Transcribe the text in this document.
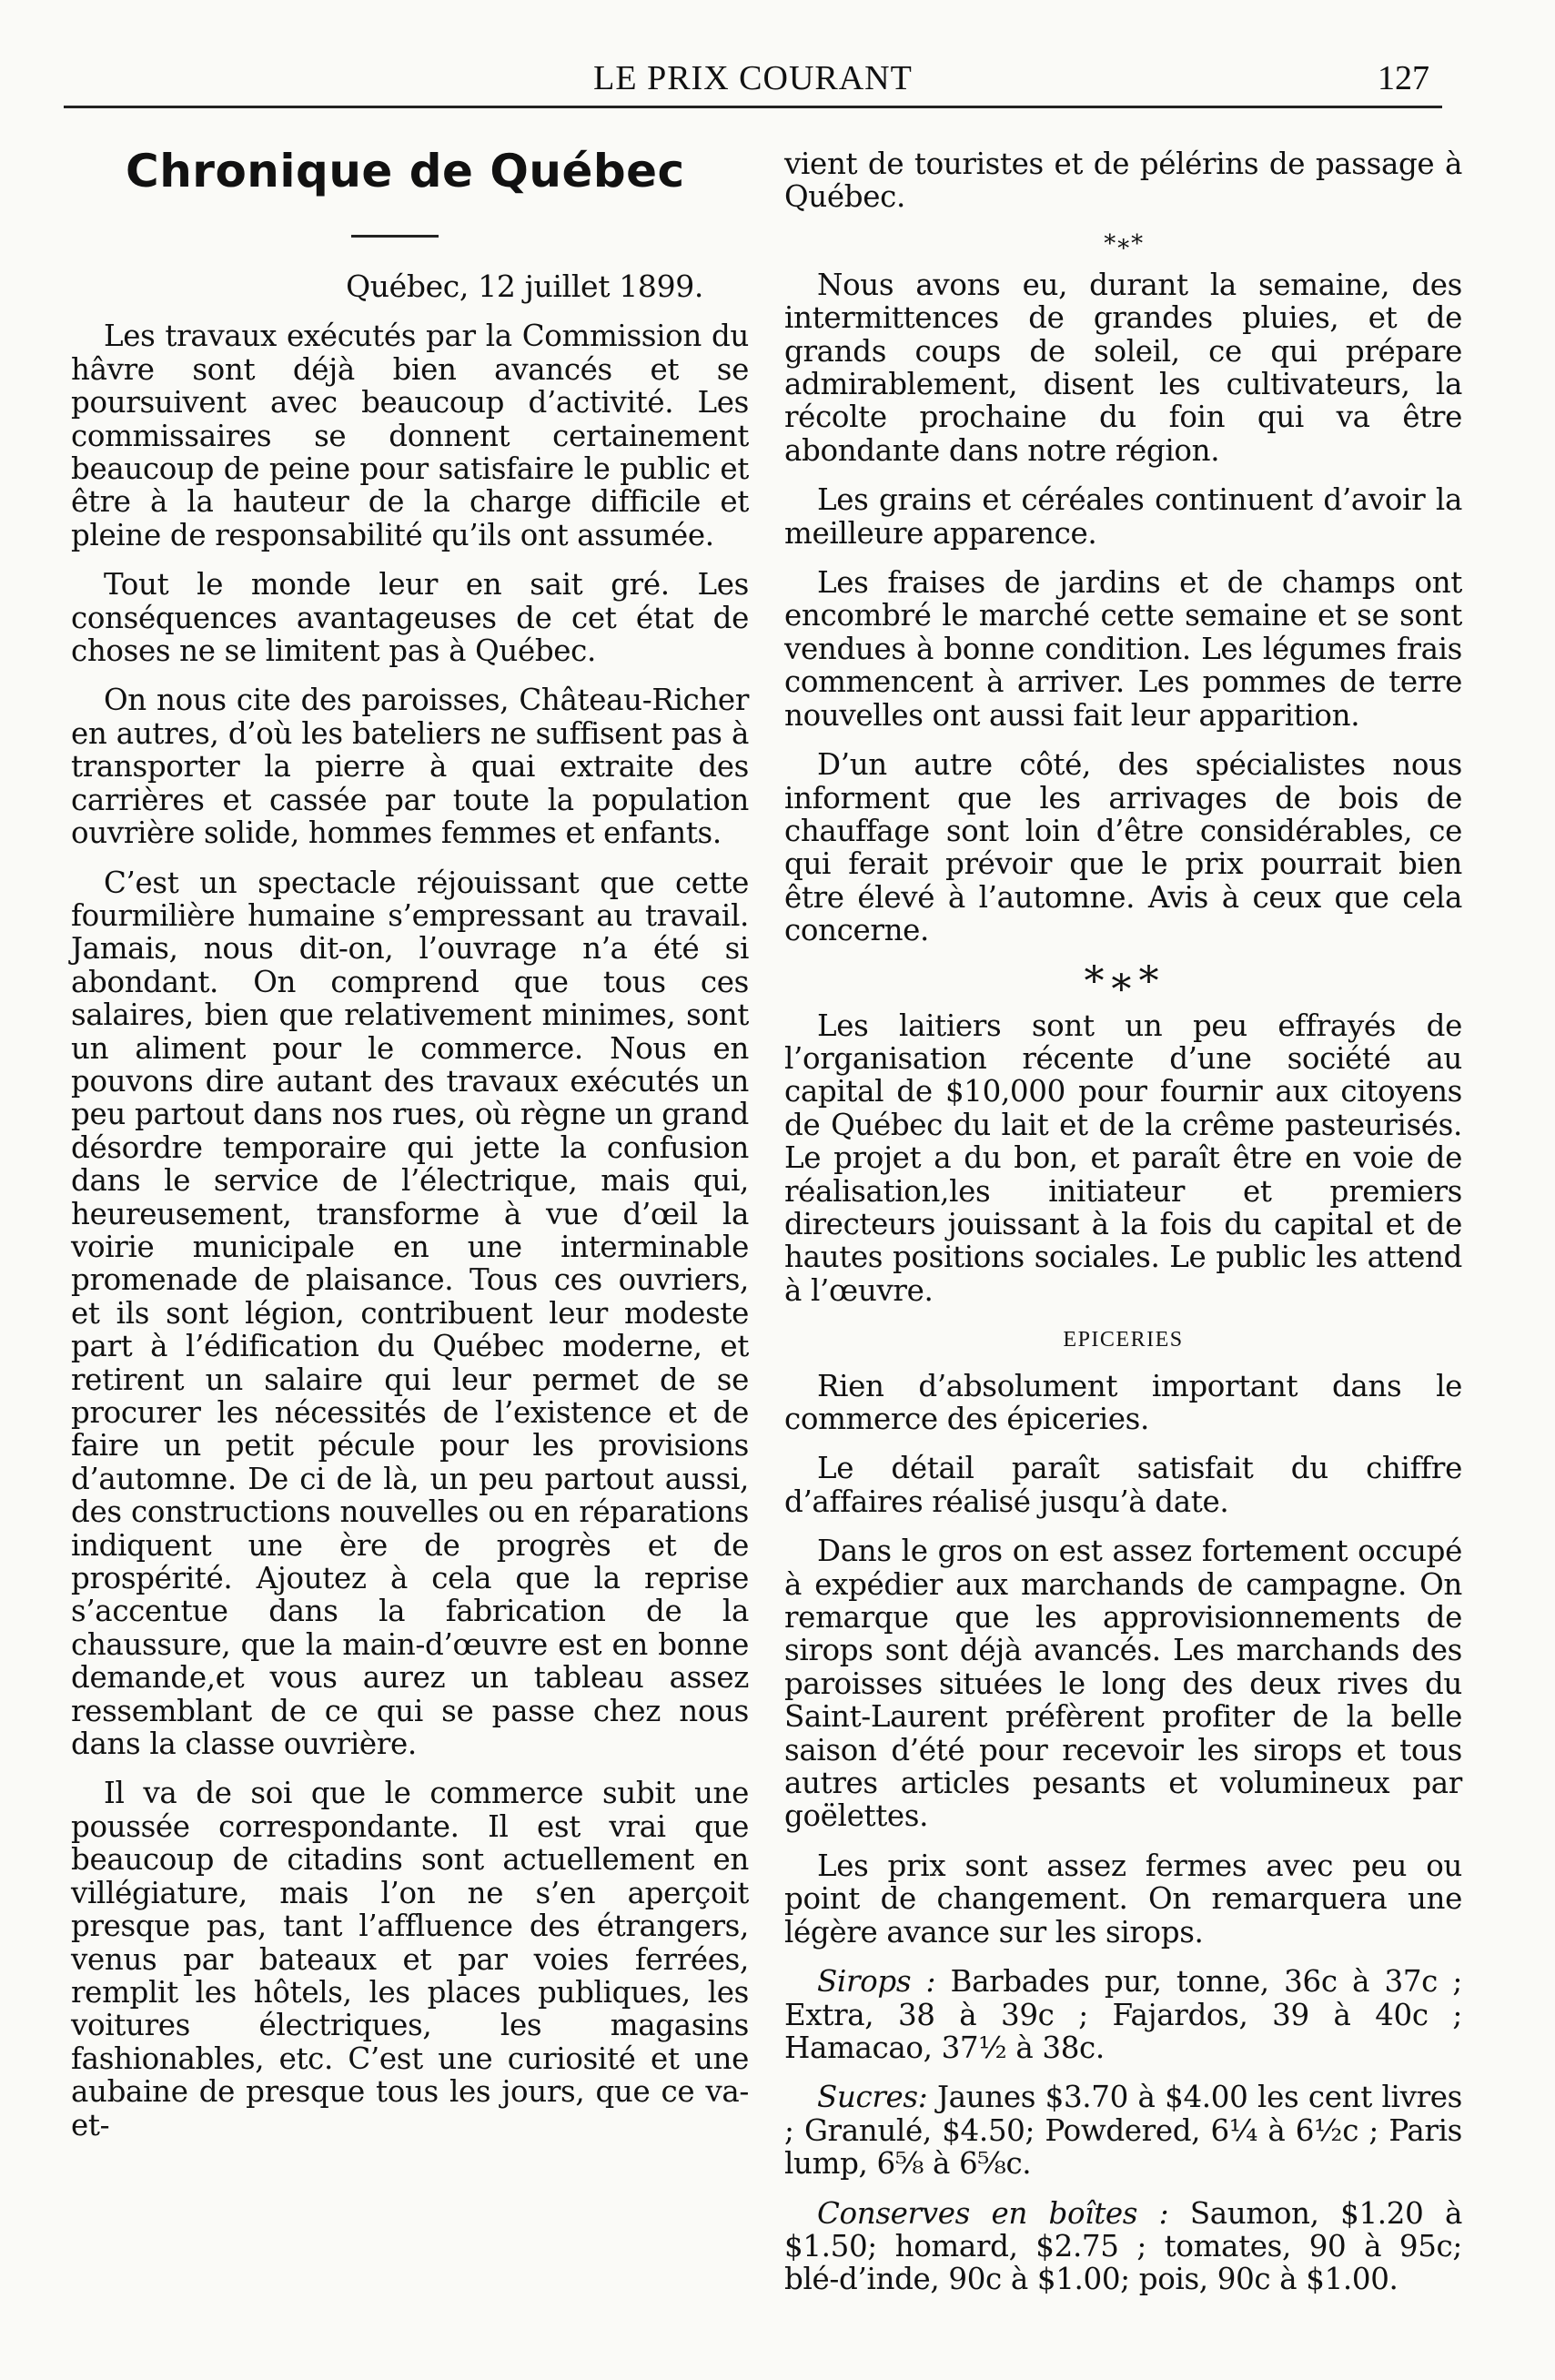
LE PRIX COURANT	127
Chronique de Québec
Québec, 12 juillet 1899.

Les travaux exécutés par la Commission du hâvre sont déjà bien avancés et se poursuivent avec beaucoup d’activité. Les commissaires se donnent certainement beaucoup de peine pour satisfaire le public et être à la hauteur de la charge difficile et pleine de responsabilité qu’ils ont assumée.

Tout le monde leur en sait gré. Les conséquences avantageuses de cet état de choses ne se limitent pas à Québec.

On nous cite des paroisses, Château-Richer en autres, d’où les bateliers ne suffisent pas à transporter la pierre à quai extraite des carrières et cassée par toute la population ouvrière solide, hommes femmes et enfants.

C’est un spectacle réjouissant que cette fourmilière humaine s’empressant au travail. Jamais, nous dit-on, l’ouvrage n’a été si abondant. On comprend que tous ces salaires, bien que relativement minimes, sont un aliment pour le commerce. Nous en pouvons dire autant des travaux exécutés un peu partout dans nos rues, où règne un grand désordre temporaire qui jette la confusion dans le service de l’électrique, mais qui, heureusement, transforme à vue d’œil la voirie municipale en une interminable promenade de plaisance. Tous ces ouvriers, et ils sont légion, contribuent leur modeste part à l’édification du Québec moderne, et retirent un salaire qui leur permet de se procurer les nécessités de l’existence et de faire un petit pécule pour les provisions d’automne. De ci de là, un peu partout aussi, des constructions nouvelles ou en réparations indiquent une ère de progrès et de prospérité. Ajoutez à cela que la reprise s’accentue dans la fabrication de la chaussure, que la main-d’œuvre est en bonne demande,et vous aurez un tableau assez ressemblant de ce qui se passe chez nous dans la classe ouvrière.

Il va de soi que le commerce subit une poussée correspondante. Il est vrai que beaucoup de citadins sont actuellement en villégiature, mais l’on ne s’en aperçoit presque pas, tant l’affluence des étrangers, venus par bateaux et par voies ferrées, remplit les hôtels, les places publiques, les voitures électriques, les magasins fashionables, etc. C’est une curiosité et une aubaine de presque tous les jours, que ce va-et-

vient de touristes et de pélérins de passage à Québec.

*∗*

Nous avons eu, durant la semaine, des intermittences de grandes pluies, et de grands coups de soleil, ce qui prépare admirablement, disent les cultivateurs, la récolte prochaine du foin qui va être abondante dans notre région.

Les grains et céréales continuent d’avoir la meilleure apparence.

Les fraises de jardins et de champs ont encombré le marché cette semaine et se sont vendues à bonne condition. Les légumes frais commencent à arriver. Les pommes de terre nouvelles ont aussi fait leur apparition.

D’un autre côté, des spécialistes nous informent que les arrivages de bois de chauffage sont loin d’être considérables, ce qui ferait prévoir que le prix pourrait bien être élevé à l’automne. Avis à ceux que cela concerne.

*∗*

Les laitiers sont un peu effrayés de l’organisation récente d’une société au capital de $10,000 pour fournir aux citoyens de Québec du lait et de la crême pasteurisés. Le projet a du bon, et paraît être en voie de réalisation,les initiateur et premiers directeurs jouissant à la fois du capital et de hautes positions sociales. Le public les attend à l’œuvre.

EPICERIES

Rien d’absolument important dans le commerce des épiceries.

Le détail paraît satisfait du chiffre d’affaires réalisé jusqu’à date.

Dans le gros on est assez fortement occupé à expédier aux marchands de campagne. On remarque que les approvisionnements de sirops sont déjà avancés. Les marchands des paroisses situées le long des deux rives du Saint-Laurent préfèrent profiter de la belle saison d’été pour recevoir les sirops et tous autres articles pesants et volumineux par goëlettes.

Les prix sont assez fermes avec peu ou point de changement. On remarquera une légère avance sur les sirops.

Sirops : Barbades pur, tonne, 36c à 37c ; Extra, 38 à 39c ; Fajardos, 39 à 40c ; Hamacao, 37½ à 38c.

Sucres: Jaunes $3.70 à $4.00 les cent livres ; Granulé, $4.50; Powdered, 6¼ à 6½c ; Paris lump, 6⅝ à 6⅝c.

Conserves en boîtes : Saumon, $1.20 à $1.50; homard, $2.75 ; tomates, 90 à 95c; blé-d’inde, 90c à $1.00; pois, 90c à $1.00.
